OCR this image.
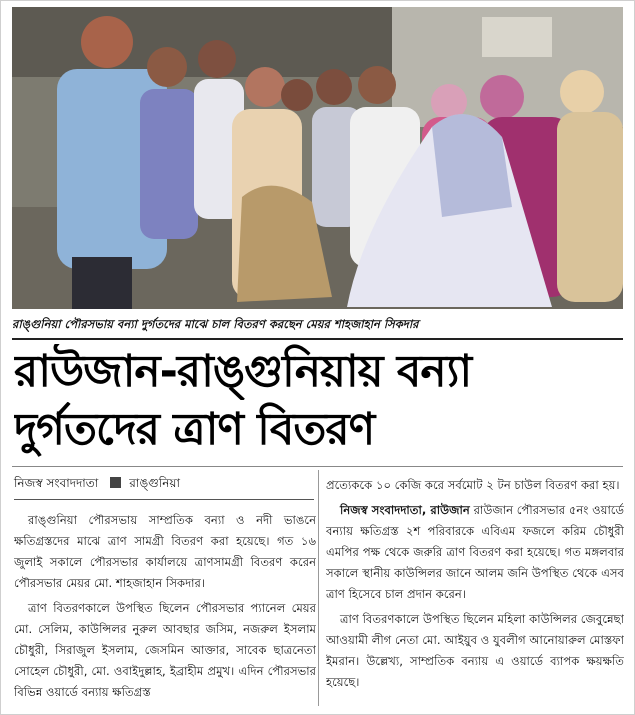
রাঙ্গুনিয়া পৌরসভায় বন্যা দুর্গতদের মাঝে চাল বিতরণ করছেন মেয়র শাহজাহান সিকদার
রাউজান-রাঙ্গুনিয়ায় বন্যা
দুর্গতদের ত্রাণ বিতরণ
নিজস্ব সংবাদদাতা	রাঙ্গুনিয়া

রাঙ্গুনিয়া পৌরসভায় সাম্প্রতিক বন্যা ও নদী ভাঙনে ক্ষতিগ্রস্তদের মাঝে ত্রাণ সামগ্রী বিতরণ করা হয়েছে। গত ১৬ জুলাই সকালে পৌরসভার কার্যালয়ে ত্রাণসামগ্রী বিতরণ করেন পৌরসভার মেয়র মো. শাহজাহান সিকদার।

ত্রাণ বিতরণকালে উপস্থিত ছিলেন পৌরসভার প্যানেল মেয়র মো. সেলিম, কাউন্সিলর নুরুল আবছার জসিম, নজরুল ইসলাম চৌধুরী, সিরাজুল ইসলাম, জেসমিন আক্তার, সাবেক ছাত্রনেতা সোহেল চৌধুরী, মো. ওবাইদুল্লাহ, ইব্রাহীম প্রমুখ। এদিন পৌরসভার বিভিন্ন ওয়ার্ডে বন্যায় ক্ষতিগ্রস্ত

প্রত্যেককে ১০ কেজি করে সর্বমোট ২ টন চাউল বিতরণ করা হয়।

নিজস্ব সংবাদদাতা, রাউজান রাউজান পৌরসভার ৫নং ওয়ার্ডে বন্যায় ক্ষতিগ্রস্ত ২শ পরিবারকে এবিএম ফজলে করিম চৌধুরী এমপির পক্ষ থেকে জরুরি ত্রাণ বিতরণ করা হয়েছে। গত মঙ্গলবার সকালে স্থানীয় কাউন্সিলর জানে আলম জনি উপস্থিত থেকে এসব ত্রাণ হিসেবে চাল প্রদান করেন।

ত্রাণ বিতরণকালে উপস্থিত ছিলেন মহিলা কাউন্সিলর জেবুন্নেছা আওয়ামী লীগ নেতা মো. আইয়ুব ও যুবলীগ আনোয়ারুল মোস্তফা ইমরান। উল্লেখ্য, সাম্প্রতিক বন্যায় এ ওয়ার্ডে ব্যাপক ক্ষয়ক্ষতি হয়েছে।
